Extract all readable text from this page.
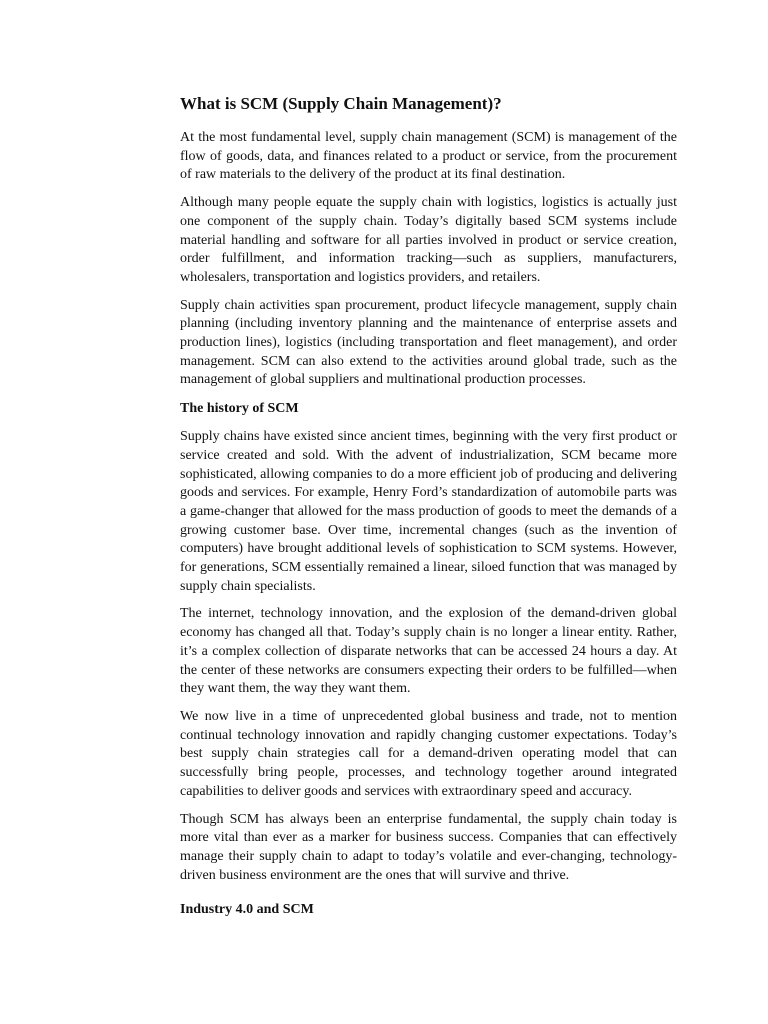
What is SCM (Supply Chain Management)?

At the most fundamental level, supply chain management (SCM) is management of the flow of goods, data, and finances related to a product or service, from the procurement of raw materials to the delivery of the product at its final destination.

Although many people equate the supply chain with logistics, logistics is actually just one component of the supply chain. Today’s digitally based SCM systems include material handling and software for all parties involved in product or service creation, order fulfillment, and information tracking—such as suppliers, manufacturers, wholesalers, transportation and logistics providers, and retailers.

Supply chain activities span procurement, product lifecycle management, supply chain planning (including inventory planning and the maintenance of enterprise assets and production lines), logistics (including transportation and fleet management), and order management. SCM can also extend to the activities around global trade, such as the management of global suppliers and multinational production processes.

The history of SCM

Supply chains have existed since ancient times, beginning with the very first product or service created and sold. With the advent of industrialization, SCM became more sophisticated, allowing companies to do a more efficient job of producing and delivering goods and services. For example, Henry Ford’s standardization of automobile parts was a game-changer that allowed for the mass production of goods to meet the demands of a growing customer base. Over time, incremental changes (such as the invention of computers) have brought additional levels of sophistication to SCM systems. However, for generations, SCM essentially remained a linear, siloed function that was managed by supply chain specialists.

The internet, technology innovation, and the explosion of the demand-driven global economy has changed all that. Today’s supply chain is no longer a linear entity. Rather, it’s a complex collection of disparate networks that can be accessed 24 hours a day. At the center of these networks are consumers expecting their orders to be fulfilled—when they want them, the way they want them.

We now live in a time of unprecedented global business and trade, not to mention continual technology innovation and rapidly changing customer expectations. Today’s best supply chain strategies call for a demand-driven operating model that can successfully bring people, processes, and technology together around integrated capabilities to deliver goods and services with extraordinary speed and accuracy.

Though SCM has always been an enterprise fundamental, the supply chain today is more vital than ever as a marker for business success. Companies that can effectively manage their supply chain to adapt to today’s volatile and ever-changing, technology-driven business environment are the ones that will survive and thrive.

Industry 4.0 and SCM
